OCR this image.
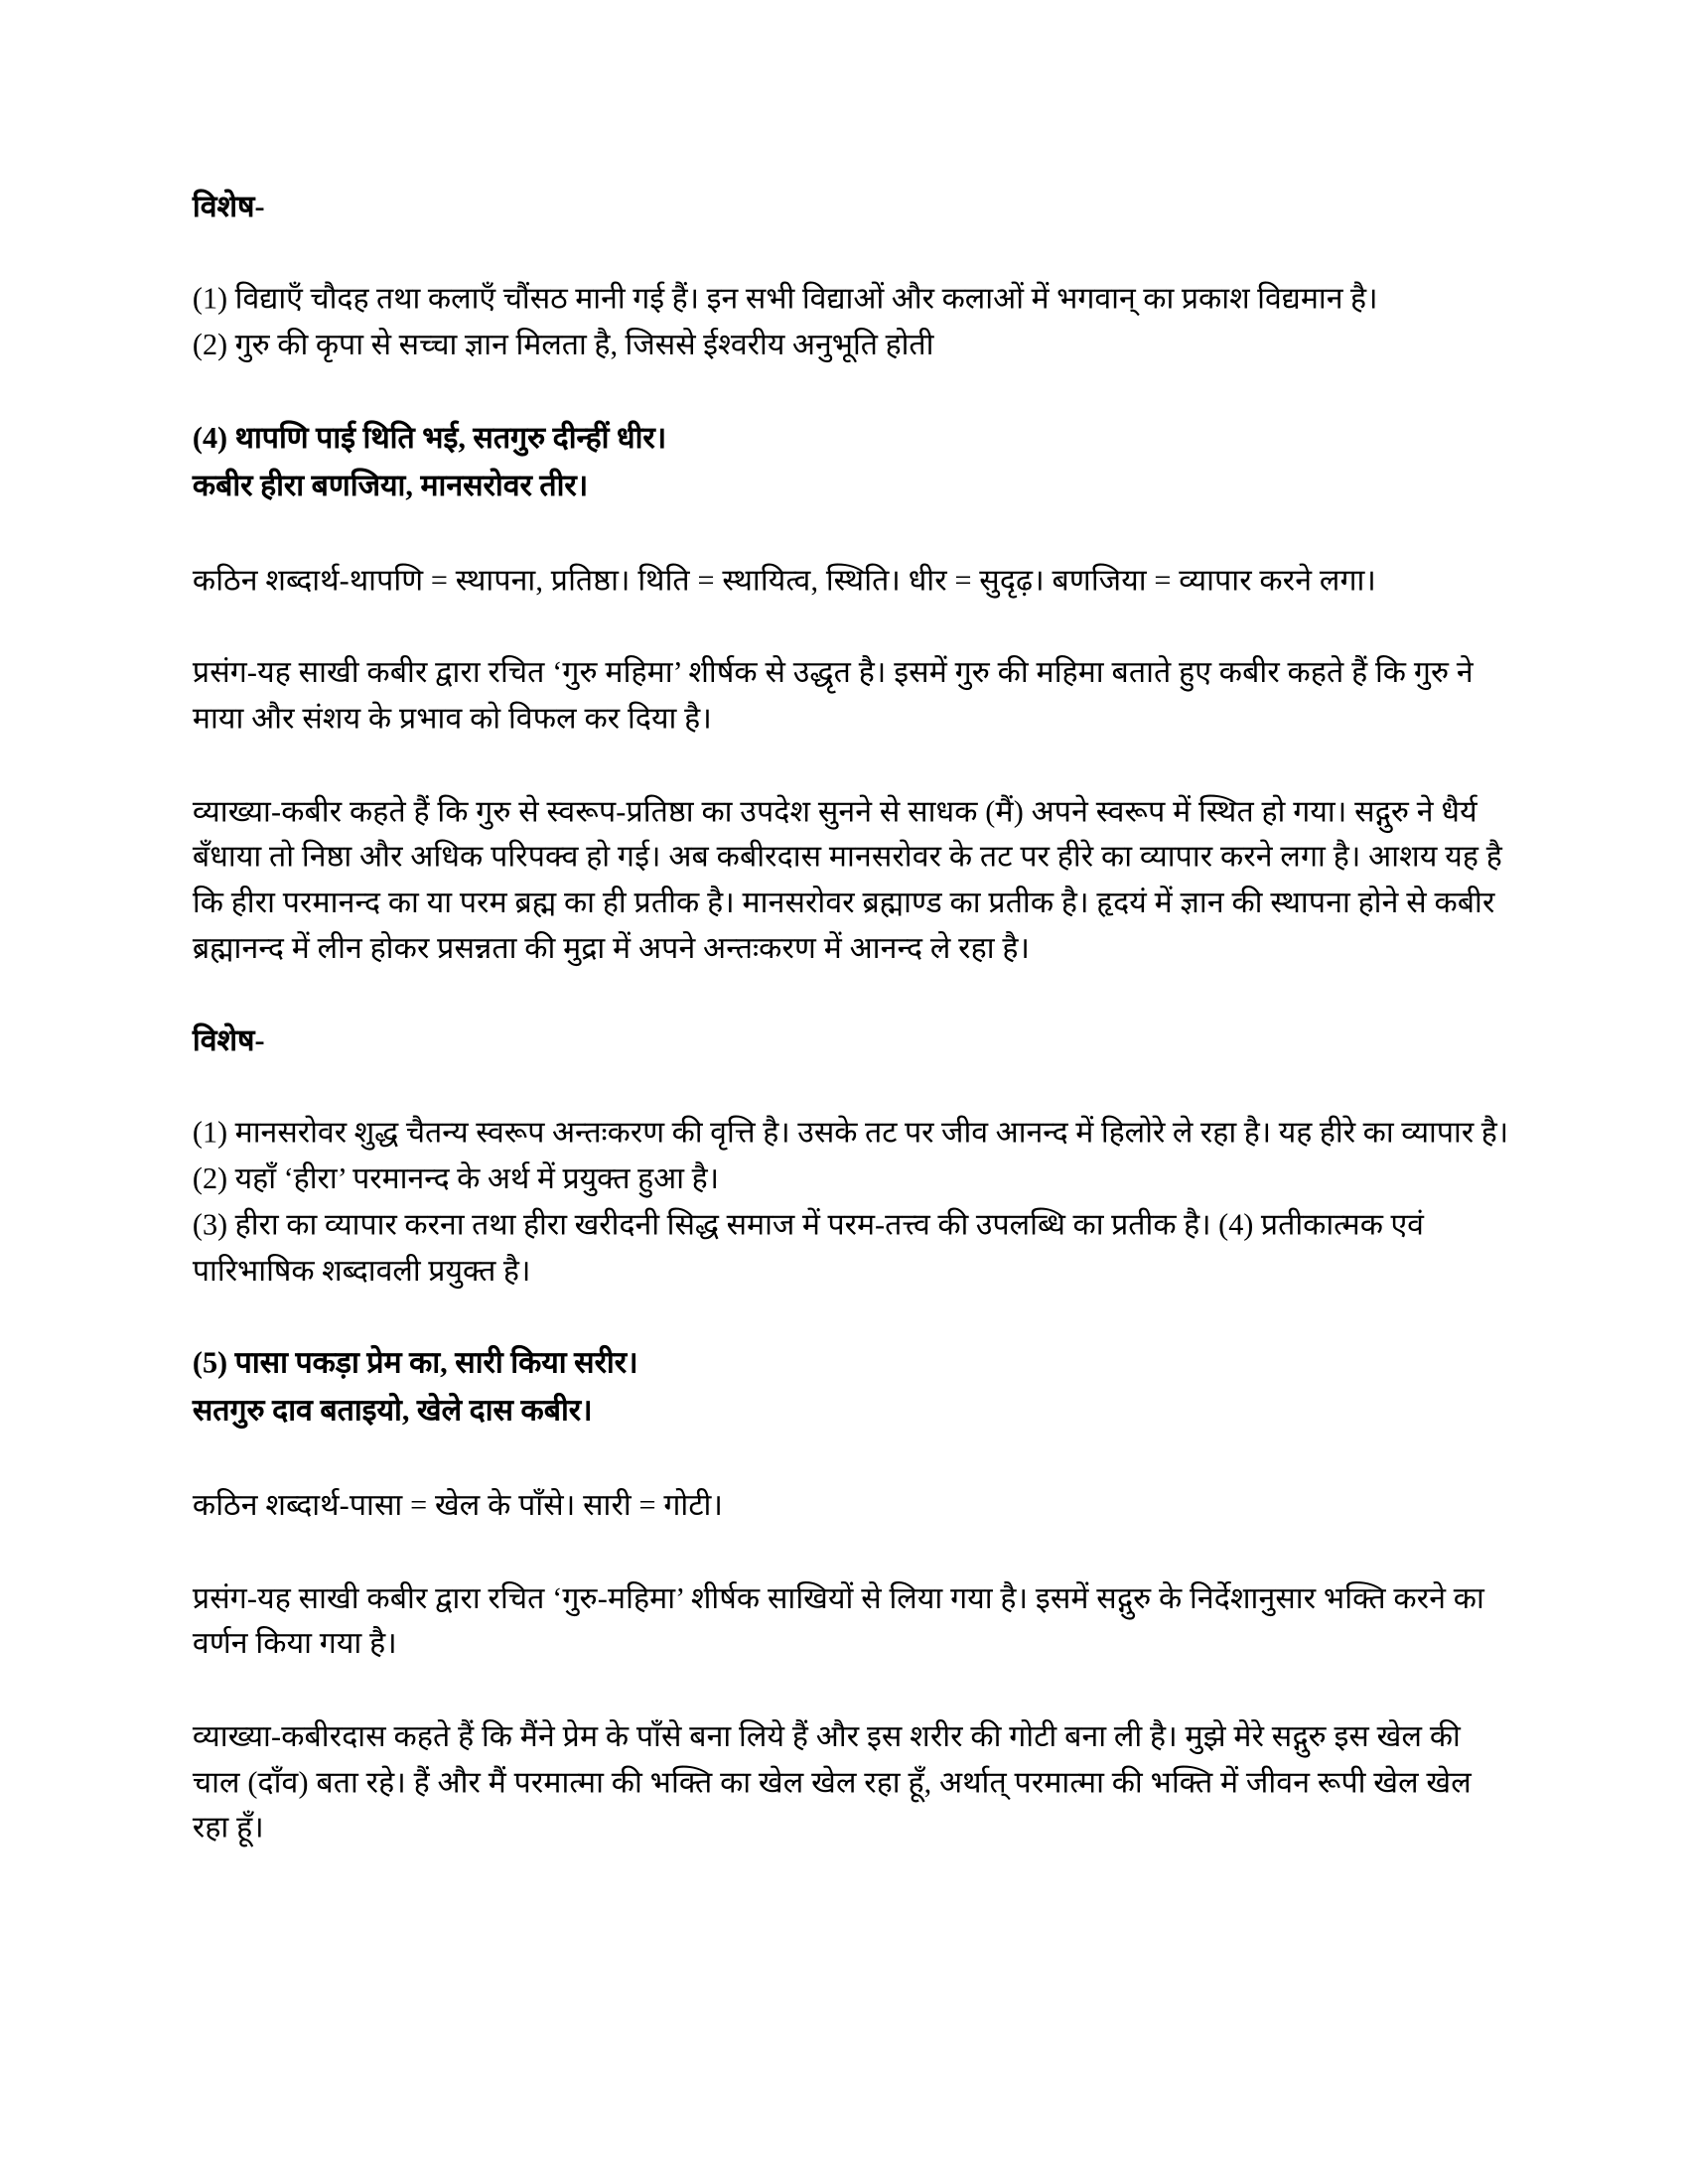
विशेष-

(1) विद्याएँ चौदह तथा कलाएँ चौंसठ मानी गई हैं। इन सभी विद्याओं और कलाओं में भगवान् का प्रकाश विद्यमान है।

(2) गुरु की कृपा से सच्चा ज्ञान मिलता है, जिससे ईश्वरीय अनुभूति होती

(4) थापणि पाई थिति भई, सतगुरु दीन्हीं धीर।
कबीर हीरा बणजिया, मानसरोवर तीर।

कठिन शब्दार्थ-थापणि = स्थापना, प्रतिष्ठा। थिति = स्थायित्व, स्थिति। धीर = सुदृढ़। बणजिया = व्यापार करने लगा।

प्रसंग-यह साखी कबीर द्वारा रचित ‘गुरु महिमा’ शीर्षक से उद्धृत है। इसमें गुरु की महिमा बताते हुए कबीर कहते हैं कि गुरु ने माया और संशय के प्रभाव को विफल कर दिया है।

व्याख्या-कबीर कहते हैं कि गुरु से स्वरूप-प्रतिष्ठा का उपदेश सुनने से साधक (मैं) अपने स्वरूप में स्थित हो गया। सद्गुरु ने धैर्य बँधाया तो निष्ठा और अधिक परिपक्व हो गई। अब कबीरदास मानसरोवर के तट पर हीरे का व्यापार करने लगा है। आशय यह है कि हीरा परमानन्द का या परम ब्रह्म का ही प्रतीक है। मानसरोवर ब्रह्माण्ड का प्रतीक है। हृदयं में ज्ञान की स्थापना होने से कबीर ब्रह्मानन्द में लीन होकर प्रसन्नता की मुद्रा में अपने अन्तःकरण में आनन्द ले रहा है।

विशेष-

(1) मानसरोवर शुद्ध चैतन्य स्वरूप अन्तःकरण की वृत्ति है। उसके तट पर जीव आनन्द में हिलोरे ले रहा है। यह हीरे का व्यापार है।

(2) यहाँ ‘हीरा’ परमानन्द के अर्थ में प्रयुक्त हुआ है।

(3) हीरा का व्यापार करना तथा हीरा खरीदनी सिद्ध समाज में परम-तत्त्व की उपलब्धि का प्रतीक है। (4) प्रतीकात्मक एवं पारिभाषिक शब्दावली प्रयुक्त है।

(5) पासा पकड़ा प्रेम का, सारी किया सरीर।
सतगुरु दाव बताइयो, खेले दास कबीर।

कठिन शब्दार्थ-पासा = खेल के पाँसे। सारी = गोटी।

प्रसंग-यह साखी कबीर द्वारा रचित ‘गुरु-महिमा’ शीर्षक साखियों से लिया गया है। इसमें सद्गुरु के निर्देशानुसार भक्ति करने का वर्णन किया गया है।

व्याख्या-कबीरदास कहते हैं कि मैंने प्रेम के पाँसे बना लिये हैं और इस शरीर की गोटी बना ली है। मुझे मेरे सद्गुरु इस खेल की चाल (दाँव) बता रहे। हैं और मैं परमात्मा की भक्ति का खेल खेल रहा हूँ, अर्थात् परमात्मा की भक्ति में जीवन रूपी खेल खेल रहा हूँ।
